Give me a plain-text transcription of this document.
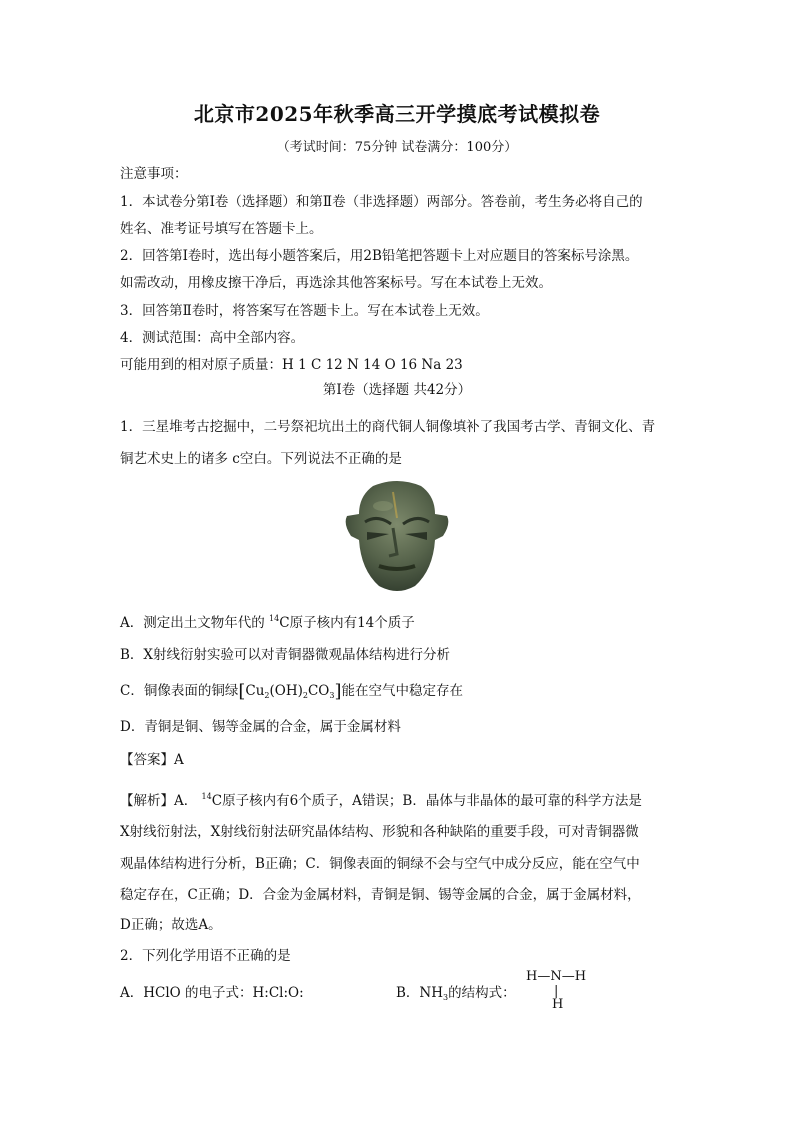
北京市2025年秋季高三开学摸底考试模拟卷
（考试时间：75分钟 试卷满分：100分）
注意事项：
1．本试卷分第Ⅰ卷（选择题）和第Ⅱ卷（非选择题）两部分。答卷前，考生务必将自己的
姓名、准考证号填写在答题卡上。
2．回答第Ⅰ卷时，选出每小题答案后，用2B铅笔把答题卡上对应题目的答案标号涂黑。
如需改动，用橡皮擦干净后，再选涂其他答案标号。写在本试卷上无效。
3．回答第Ⅱ卷时，将答案写在答题卡上。写在本试卷上无效。
4．测试范围：高中全部内容。
可能用到的相对原子质量：H 1 C 12 N 14 O 16 Na 23
第Ⅰ卷（选择题 共42分）
1．三星堆考古挖掘中，二号祭祀坑出土的商代铜人铜像填补了我国考古学、青铜文化、青
铜艺术史上的诸多 c空白。下列说法不正确的是
A．测定出土文物年代的 $^{14}$C原子核内有14个质子
B．X射线衍射实验可以对青铜器微观晶体结构进行分析
C．铜像表面的铜绿$[Cu_2(OH)_2CO_3]$能在空气中稳定存在
D．青铜是铜、锡等金属的合金，属于金属材料
【答案】A
【解析】A． $^{14}$C原子核内有6个质子，A错误；B．晶体与非晶体的最可靠的科学方法是
X射线衍射法，X射线衍射法研究晶体结构、形貌和各种缺陷的重要手段，可对青铜器微
观晶体结构进行分析，B正确；C．铜像表面的铜绿不会与空气中成分反应，能在空气中
稳定存在，C正确；D．合金为金属材料，青铜是铜、锡等金属的合金，属于金属材料，
D正确；故选A。
2．下列化学用语不正确的是
A．HClO 的电子式：H:Cl:O:	B．$NH_3$的结构式：
H—N—H
|
H
